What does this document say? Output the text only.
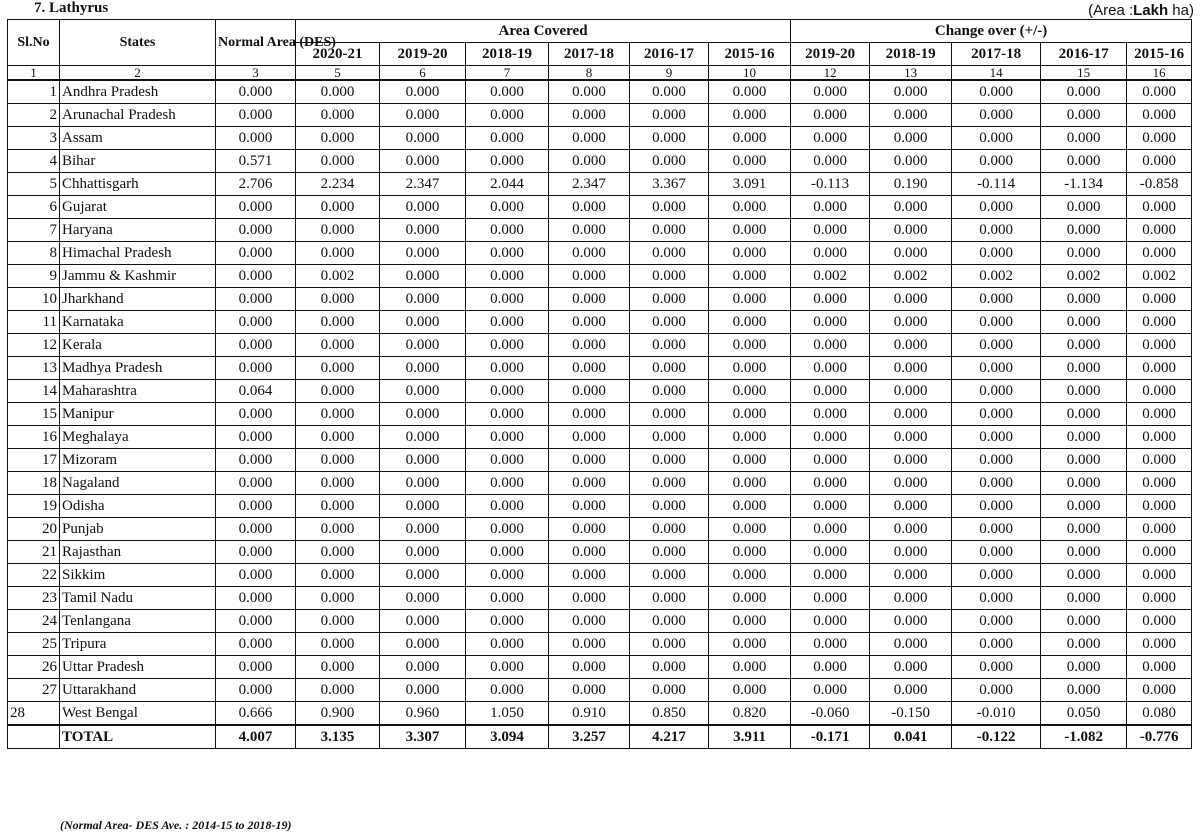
7. Lathyrus	(Area :Lakh ha)
Sl.No	States	Normal Area (DES)	Area Covered						Change over (+/-)				
			2020-21	2019-20	2018-19	2017-18	2016-17	2015-16	2019-20	2018-19	2017-18	2016-17	2015-16
1	2	3	5	6	7	8	9	10	12	13	14	15	16
1	Andhra Pradesh	0.000	0.000	0.000	0.000	0.000	0.000	0.000	0.000	0.000	0.000	0.000	0.000
2	Arunachal Pradesh	0.000	0.000	0.000	0.000	0.000	0.000	0.000	0.000	0.000	0.000	0.000	0.000
3	Assam	0.000	0.000	0.000	0.000	0.000	0.000	0.000	0.000	0.000	0.000	0.000	0.000
4	Bihar	0.571	0.000	0.000	0.000	0.000	0.000	0.000	0.000	0.000	0.000	0.000	0.000
5	Chhattisgarh	2.706	2.234	2.347	2.044	2.347	3.367	3.091	-0.113	0.190	-0.114	-1.134	-0.858
6	Gujarat	0.000	0.000	0.000	0.000	0.000	0.000	0.000	0.000	0.000	0.000	0.000	0.000
7	Haryana	0.000	0.000	0.000	0.000	0.000	0.000	0.000	0.000	0.000	0.000	0.000	0.000
8	Himachal Pradesh	0.000	0.000	0.000	0.000	0.000	0.000	0.000	0.000	0.000	0.000	0.000	0.000
9	Jammu & Kashmir	0.000	0.002	0.000	0.000	0.000	0.000	0.000	0.002	0.002	0.002	0.002	0.002
10	Jharkhand	0.000	0.000	0.000	0.000	0.000	0.000	0.000	0.000	0.000	0.000	0.000	0.000
11	Karnataka	0.000	0.000	0.000	0.000	0.000	0.000	0.000	0.000	0.000	0.000	0.000	0.000
12	Kerala	0.000	0.000	0.000	0.000	0.000	0.000	0.000	0.000	0.000	0.000	0.000	0.000
13	Madhya Pradesh	0.000	0.000	0.000	0.000	0.000	0.000	0.000	0.000	0.000	0.000	0.000	0.000
14	Maharashtra	0.064	0.000	0.000	0.000	0.000	0.000	0.000	0.000	0.000	0.000	0.000	0.000
15	Manipur	0.000	0.000	0.000	0.000	0.000	0.000	0.000	0.000	0.000	0.000	0.000	0.000
16	Meghalaya	0.000	0.000	0.000	0.000	0.000	0.000	0.000	0.000	0.000	0.000	0.000	0.000
17	Mizoram	0.000	0.000	0.000	0.000	0.000	0.000	0.000	0.000	0.000	0.000	0.000	0.000
18	Nagaland	0.000	0.000	0.000	0.000	0.000	0.000	0.000	0.000	0.000	0.000	0.000	0.000
19	Odisha	0.000	0.000	0.000	0.000	0.000	0.000	0.000	0.000	0.000	0.000	0.000	0.000
20	Punjab	0.000	0.000	0.000	0.000	0.000	0.000	0.000	0.000	0.000	0.000	0.000	0.000
21	Rajasthan	0.000	0.000	0.000	0.000	0.000	0.000	0.000	0.000	0.000	0.000	0.000	0.000
22	Sikkim	0.000	0.000	0.000	0.000	0.000	0.000	0.000	0.000	0.000	0.000	0.000	0.000
23	Tamil Nadu	0.000	0.000	0.000	0.000	0.000	0.000	0.000	0.000	0.000	0.000	0.000	0.000
24	Tenlangana	0.000	0.000	0.000	0.000	0.000	0.000	0.000	0.000	0.000	0.000	0.000	0.000
25	Tripura	0.000	0.000	0.000	0.000	0.000	0.000	0.000	0.000	0.000	0.000	0.000	0.000
26	Uttar Pradesh	0.000	0.000	0.000	0.000	0.000	0.000	0.000	0.000	0.000	0.000	0.000	0.000
27	Uttarakhand	0.000	0.000	0.000	0.000	0.000	0.000	0.000	0.000	0.000	0.000	0.000	0.000
28	West Bengal	0.666	0.900	0.960	1.050	0.910	0.850	0.820	-0.060	-0.150	-0.010	0.050	0.080
	TOTAL	4.007	3.135	3.307	3.094	3.257	4.217	3.911	-0.171	0.041	-0.122	-1.082	-0.776
(Normal Area- DES Ave. : 2014-15 to 2018-19)
